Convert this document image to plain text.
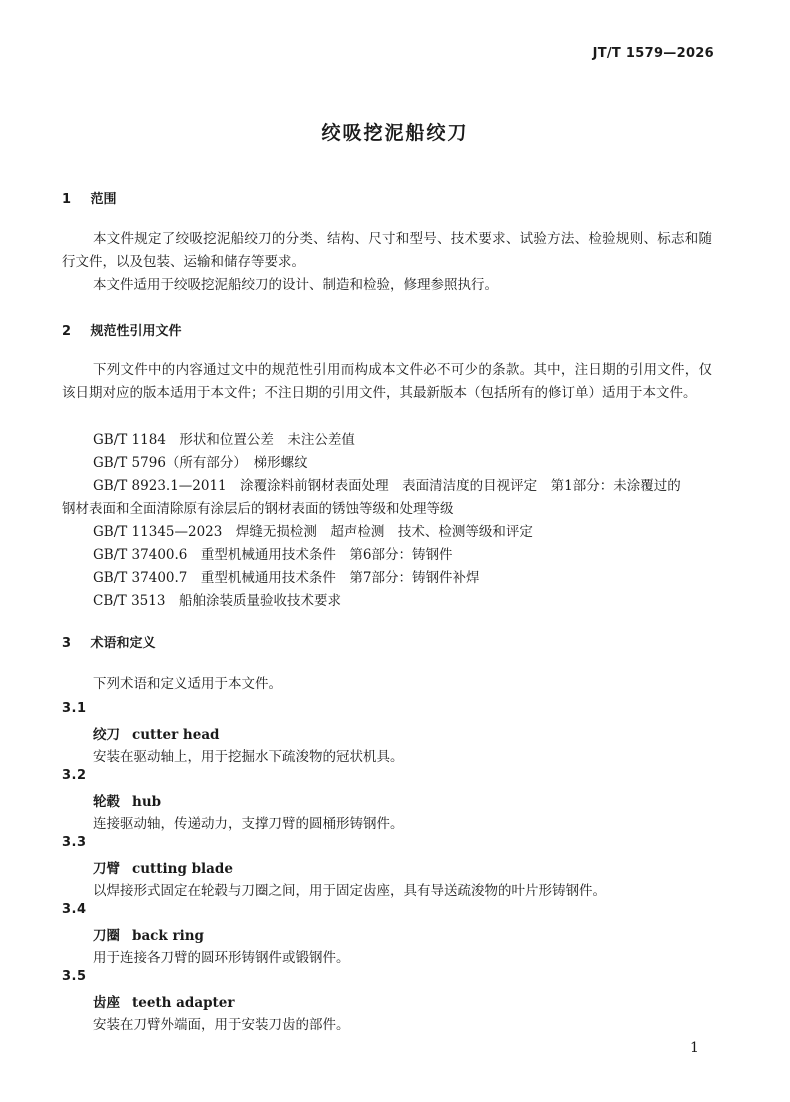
JT/T 1579—2026
绞吸挖泥船绞刀
1 范围
本文件规定了绞吸挖泥船绞刀的分类、结构、尺寸和型号、技术要求、试验方法、检验规则、标志和随行文件，以及包装、运输和储存等要求。
本文件适用于绞吸挖泥船绞刀的设计、制造和检验，修理参照执行。
2 规范性引用文件
下列文件中的内容通过文中的规范性引用而构成本文件必不可少的条款。其中，注日期的引用文件，仅该日期对应的版本适用于本文件；不注日期的引用文件，其最新版本（包括所有的修订单）适用于本文件。
GB/T 1184　形状和位置公差　未注公差值
GB/T 5796（所有部分）　梯形螺纹
GB/T 8923.1—2011　涂覆涂料前钢材表面处理　表面清洁度的目视评定　第1部分：未涂覆过的
钢材表面和全面清除原有涂层后的钢材表面的锈蚀等级和处理等级
GB/T 11345—2023　焊缝无损检测　超声检测　技术、检测等级和评定
GB/T 37400.6　重型机械通用技术条件　第6部分：铸钢件
GB/T 37400.7　重型机械通用技术条件　第7部分：铸钢件补焊
CB/T 3513　船舶涂装质量验收技术要求
3 术语和定义
下列术语和定义适用于本文件。
3.1
绞刀 cutter head
安装在驱动轴上，用于挖掘水下疏浚物的冠状机具。
3.2
轮毂 hub
连接驱动轴，传递动力，支撑刀臂的圆桶形铸钢件。
3.3
刀臂 cutting blade
以焊接形式固定在轮毂与刀圈之间，用于固定齿座，具有导送疏浚物的叶片形铸钢件。
3.4
刀圈 back ring
用于连接各刀臂的圆环形铸钢件或锻钢件。
3.5
齿座 teeth adapter
安装在刀臂外端面，用于安装刀齿的部件。
1
